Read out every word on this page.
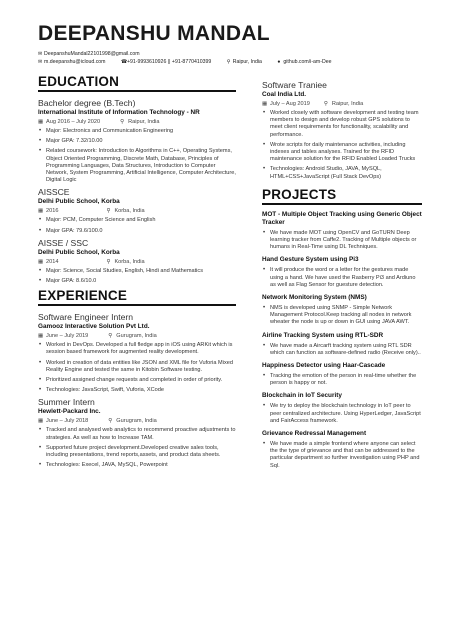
DEEPANSHU MANDAL
✉ DeepanshuMandal22101998@gmail.com
✉ m.deepanshu@icloud.com	☎+91-9993610926 || +91-8770410399	⚲ Raipur, India	● github.com/i-am-Dee
EDUCATION
Bachelor degree (B.Tech)
International Institute of Information Technology - NR
▦ Aug 2016 – July 2020	⚲ Raipur, India
• Major: Electronics and Communication Engineering
• Major GPA: 7.32/10.00
• Related coursework: Introduction to Algorithms in C++, Operating Systems, Object Oriented Programming, Discrete Math, Database, Principles of Programming Languages, Data Structures, Introduction to Computer Network, System Programming, Artificial Intelligence, Computer Architecture, Digital Logic
AISSCE
Delhi Public School, Korba
▦ 2016	⚲ Korba, India
• Major: PCM, Computer Science and English
• Major GPA: 79.6/100.0
AISSE / SSC
Delhi Public School, Korba
▦ 2014	⚲ Korba, India
• Major: Science, Social Studies, English, Hindi and Mathematics
• Major GPA: 8.6/10.0
EXPERIENCE
Software Engineer Intern
Gamooz Interactive Solution Pvt Ltd.
▦ June – July 2019	⚲ Gurugram, India
• Worked in DevOps. Developed a full fledge app in iOS using ARKit which is session based framework for augmented reality development.
• Worked in creation of data entities like JSON and XML file for Vuforia Mixed Reality Engine and tested the same in Kitobin Software testing.
• Prioritized assigned change requests and completed in order of priority.
• Technologies: JavaScript, Swift, Vuforia, XCode
Summer Intern
Hewlett-Packard Inc.
▦ June – July 2018	⚲ Gurugram, India
• Tracked and analysed web analytics to recommend proactive adjustments to strategies. As well as how to Increase TAM.
• Supported future project development.Developed creative sales tools, including presentations, trend reports,assets, and product data sheets.
• Technologies: Execel, JAVA, MySQL, Powerpoint
Software Traniee
Coal India Ltd.
▦ July – Aug 2019	⚲ Raipur, India
• Worked closely with software development and testing team members to design and develop robust GPS solutions to meet client requirements for functionality, scalability and performance.
• Wrote scripts for daily maintenance activities, including indexes and tables analyses. Trained for the RFID maintenance solution for the RFID Enabled Loaded Trucks
• Technologies: Android Studio, JAVA, MySQL, HTML+CSS+JavaScript (Full Stack DevOps)
PROJECTS
MOT - Multiple Object Tracking using Generic Object Tracker
• We have made MOT using OpenCV and GoTURN Deep learning tracker from Caffe2. Tracking of Multiple objects or humans in Real-Time using DL Techniques.
Hand Gesture System using Pi3
• It will produce the word or a letter for the gestures made using a hand. We have used the Rasberry Pi3 and Ardiuno as well as Flag Sensor for guesture detection.
Network Monitoring System (NMS)
• NMS is developed using SNMP - Simple Network Management Protocol.Keep tracking all nodes in network wheater the node is up or down in GUI using JAVA AWT.
Airline Tracking System using RTL-SDR
• We have made a Aircarft tracking system using RTL SDR which can function as software-defined radio (Receive only)..
Happiness Detector using Haar-Cascade
• Tracking the emotion of the person in real-time whether the person is happy or not.
Blockchain in IoT Security
• We try to deploy the blockchain technology in IoT peer to peer centralized architecture. Using HyperLedger, JavaScript and FairAccess framework.
Grievance Redressal Management
• We have made a simple frontend where anyone can select the the type of grievance and that can be addressed to the particular department so further investigation using PHP and Sql.
